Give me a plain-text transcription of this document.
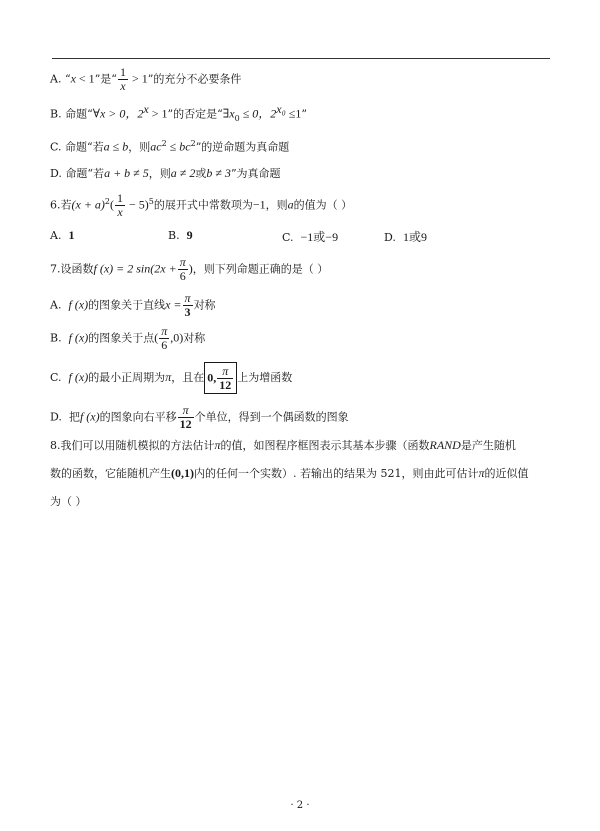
A. “x < 1”是“ $\frac{1}{x} > 1$”的充分不必要条件
B. 命题“∀x > 0，$2^x > 1$”的否定是“$\exists x_0 \le 0$，$2^{x_0} \le 1$”
C. 命题“若a ≤ b，则$ac^2 \le bc^2$”的逆命题为真命题
D. 命题“若a + b ≠ 5，则a ≠ 2或b ≠ 3”为真命题
6.若$(x + a)^2( \frac{1}{x} - 5)^5$的展开式中常数项为−1，则a的值为（ ）
A. 1	B. 9	C. −1或−9	D. 1或9
7.设函数f (x) = 2 $\sin(2x + \frac{\pi}{6}$ )，则下列命题正确的是（ ）
A. f (x)的图象关于直线$x = \frac{\pi}{3}$ 对称
B. f (x)的图象关于点( $\frac{\pi}{6} ,0$)对称
C. f (x)的最小正周期为π，且在 0, $\frac{\pi}{12}$ 上为增函数
D. 把f (x)的图象向右平移 $\frac{\pi}{12}$ 个单位，得到一个偶函数的图象
8.我们可以用随机模拟的方法估计π的值，如图程序框图表示其基本步骤（函数RAND是产生随机
数的函数，它能随机产生(0,1)内的任何一个实数）. 若输出的结果为 521，则由此可估计π的近似值
为（ ）
· 2 ·
